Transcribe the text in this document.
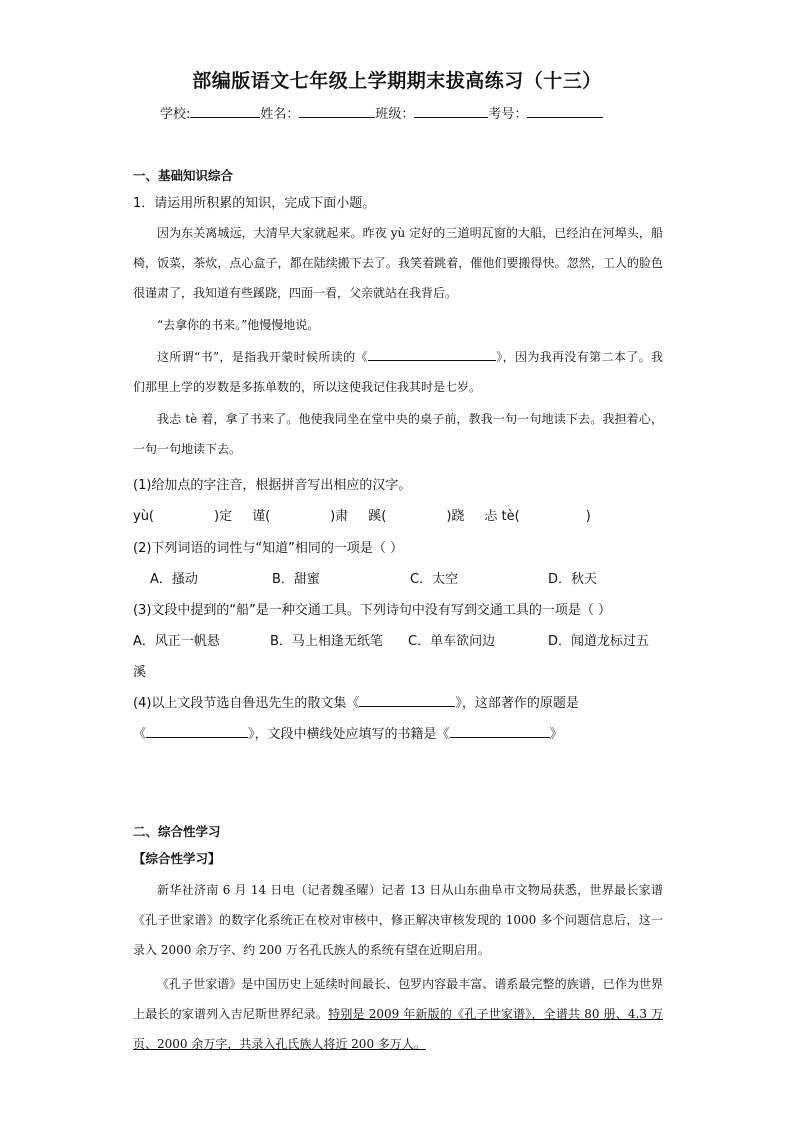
部编版语文七年级上学期期末拔高练习（十三）
学校:	姓名：	班级：	考号：
一、基础知识综合
1．请运用所积累的知识，完成下面小题。
因为东关离城远，大清早大家就起来。昨夜 yù 定好的三道明瓦窗的大船，已经泊在河埠头，船椅，饭菜，茶炊，点心盒子，都在陆续搬下去了。我笑着跳着，催他们要搬得快。忽然，工人的脸色很谨肃了，我知道有些蹊跷，四面一看，父亲就站在我背后。
“去拿你的书来。”他慢慢地说。
这所谓“书”，是指我开蒙时候所读的《	》，因为我再没有第二本了。我们那里上学的岁数是多拣单数的，所以这使我记住我其时是七岁。
我忐 tè 着，拿了书来了。他使我同坐在堂中央的桌子前，教我一句一句地读下去。我担着心，一句一句地读下去。
(1)给加点的字注音，根据拼音写出相应的汉字。
yù(	)定 谨(	)肃 蹊(	)跷 忐 tè(	)
(2)下列词语的词性与“知道”相同的一项是（ ）
A．搔动	B．甜蜜	C．太空	D．秋天
(3)文段中提到的“船”是一种交通工具。下列诗句中没有写到交通工具的一项是（ ）
A．风正一帆悬	B．马上相逢无纸笔 C．单车欲问边	D．闻道龙标过五
溪
(4)以上文段节选自鲁迅先生的散文集《	》，这部著作的原题是
《	》，文段中横线处应填写的书籍是《	》
二、综合性学习
【综合性学习】
新华社济南 6 月 14 日电（记者魏圣曜）记者 13 日从山东曲阜市文物局获悉，世界最长家谱《孔子世家谱》的数字化系统正在校对审核中，修正解决审核发现的 1000 多个问题信息后，这一录入 2000 余万字、约 200 万名孔氏族人的系统有望在近期启用。
《孔子世家谱》是中国历史上延续时间最长、包罗内容最丰富、谱系最完整的族谱，已作为世界上最长的家谱列入吉尼斯世界纪录。特别是 2009 年新版的《孔子世家谱》，全谱共 80 册、4.3 万页、2000 余万字，共录入孔氏族人将近 200 多万人。
